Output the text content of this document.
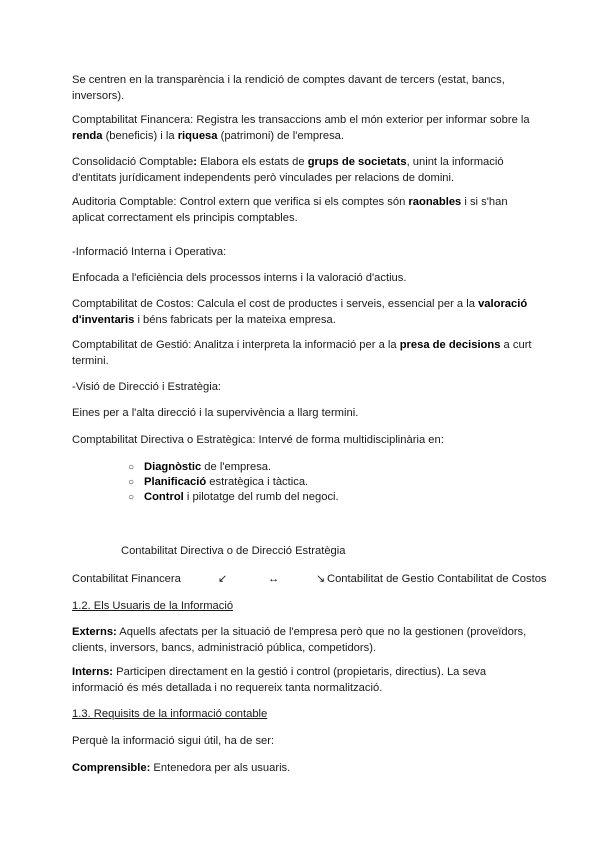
Se centren en la transparència i la rendició de comptes davant de tercers (estat, bancs, inversors).

Comptabilitat Financera: Registra les transaccions amb el món exterior per informar sobre la renda (beneficis) i la riquesa (patrimoni) de l'empresa.

Consolidació Comptable: Elabora els estats de grups de societats, unint la informació d'entitats jurídicament independents però vinculades per relacions de domini.

Auditoria Comptable: Control extern que verifica si els comptes són raonables i si s'han aplicat correctament els principis comptables.

-Informació Interna i Operativa:

Enfocada a l'eficiència dels processos interns i la valoració d'actius.

Comptabilitat de Costos: Calcula el cost de productes i serveis, essencial per a la valoració d'inventaris i béns fabricats per la mateixa empresa.

Comptabilitat de Gestió: Analitza i interpreta la informació per a la presa de decisions a curt termini.

-Visió de Direcció i Estratègia:

Eines per a l'alta direcció i la supervivència a llarg termini.

Comptabilitat Directiva o Estratègica: Intervé de forma multidisciplinària en:

○ Diagnòstic de l'empresa.
○ Planificació estratègica i tàctica.
○ Control i pilotatge del rumb del negoci.

Contabilitat Directiva o de Direcció Estratègia

Contabilitat Financera	↙	↔	↘ Contabilitat de Gestio Contabilitat de Costos

1.2. Els Usuaris de la Informació

Externs: Aquells afectats per la situació de l'empresa però que no la gestionen (proveïdors, clients, inversors, bancs, administració pública, competidors).

Interns: Participen directament en la gestió i control (propietaris, directius). La seva informació és més detallada i no requereix tanta normalització.

1.3. Requisits de la informació contable

Perquè la informació sigui útil, ha de ser:

Comprensible: Entenedora per als usuaris.
